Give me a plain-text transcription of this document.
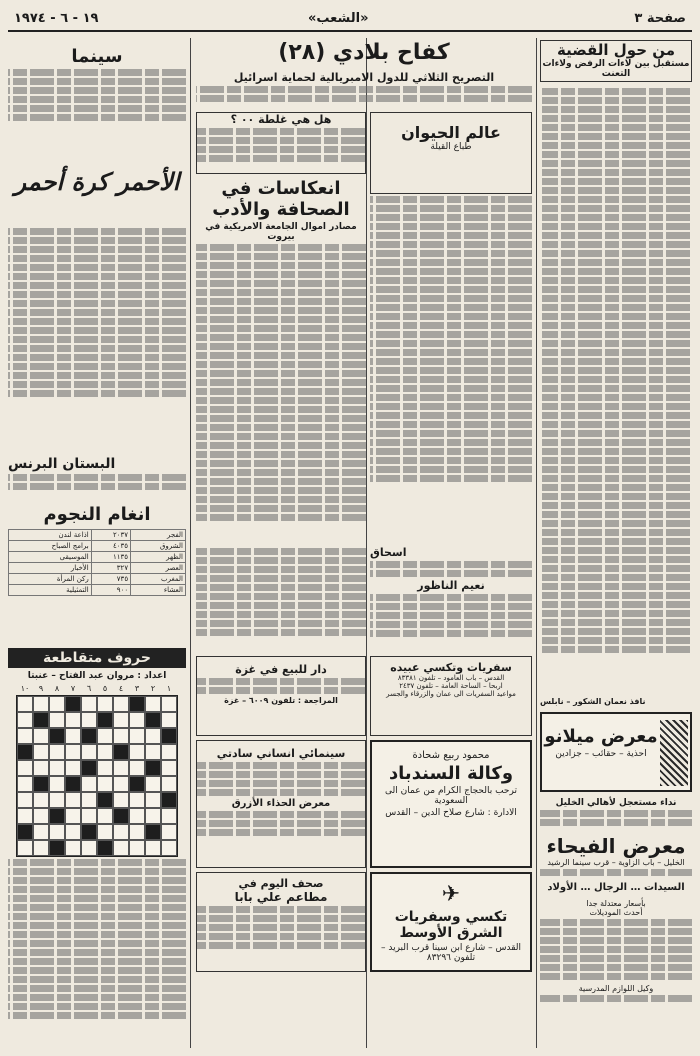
صفحة ٣
«الشعب»
١٩ - ٦ - ١٩٧٤
من حول القضية
مستقبل بين لاءات الرفض ولاءات التعنت
نافذ نعمان الشكور – نابلس
معرض ميلانو
احذية – حقائب – جزادين
نداء مستعجل لأهالي الخليل
معرض الفيحاء
الخليل – باب الزاوية – قرب سينما الرشيد
السيدات … الرجال … الأولاد
بأسعار معتدلة جدا
أحدث الموديلات
وكيل اللوازم المدرسية
كفاح بلادي (٢٨)
التصريح الثلاثي للدول الامبريالية لحماية اسرائيل
عالم الحيوان
طباع القيلة
هل هي غلطة ٠٠ ؟
انعكاسات في الصحافة والأدب
مصادر اموال الجامعة الامريكية في بيروت
اسحاق
نعيم الناظور
سفريات وتكسي عبيده
القدس – باب العامود – تلفون ٨٣٣٨١
اربحا – الساحة العامة – تلفون ٢٤٣٧
مواعيد السفريات الى عمان والزرقاء والجسر
محمود ربيع شحادة
وكالة السندباد
ترحب بالحجاج الكرام من عمان الى السعودية
الادارة : شارع صلاح الدين – القدس
✈
تكسي وسفريات الشرق الأوسط
القدس – شارع ابن سينا قرب البريد – تلفون ٨٣٢٩٦
دار للبيع في غزة
المراجعة : تلفون ٦٠٠٩ – غزة
سينمائي انساني سادتي
معرض الحذاء الأزرق
صحف اليوم في
مطاعم علي بابا
سينما
الأحمر كرة أحمر
البستان البرنس
انغام النجوم
الفجر	٢٠٣٧	اذاعة لندن
الشروق	٤٠٣٥	برامج الصباح
الظهر	١١٣٥	الموسيقى
العصر	٣٢٧	الأخبار
المغرب	٧٣٥	ركن المرأة
العشاء	٩٠٠	التمثيلية
حروف متقاطعة
اعداد : مروان عبد الفتاح – عنبتا
١
٢
٣
٤
٥
٦
٧
٨
٩
١٠
